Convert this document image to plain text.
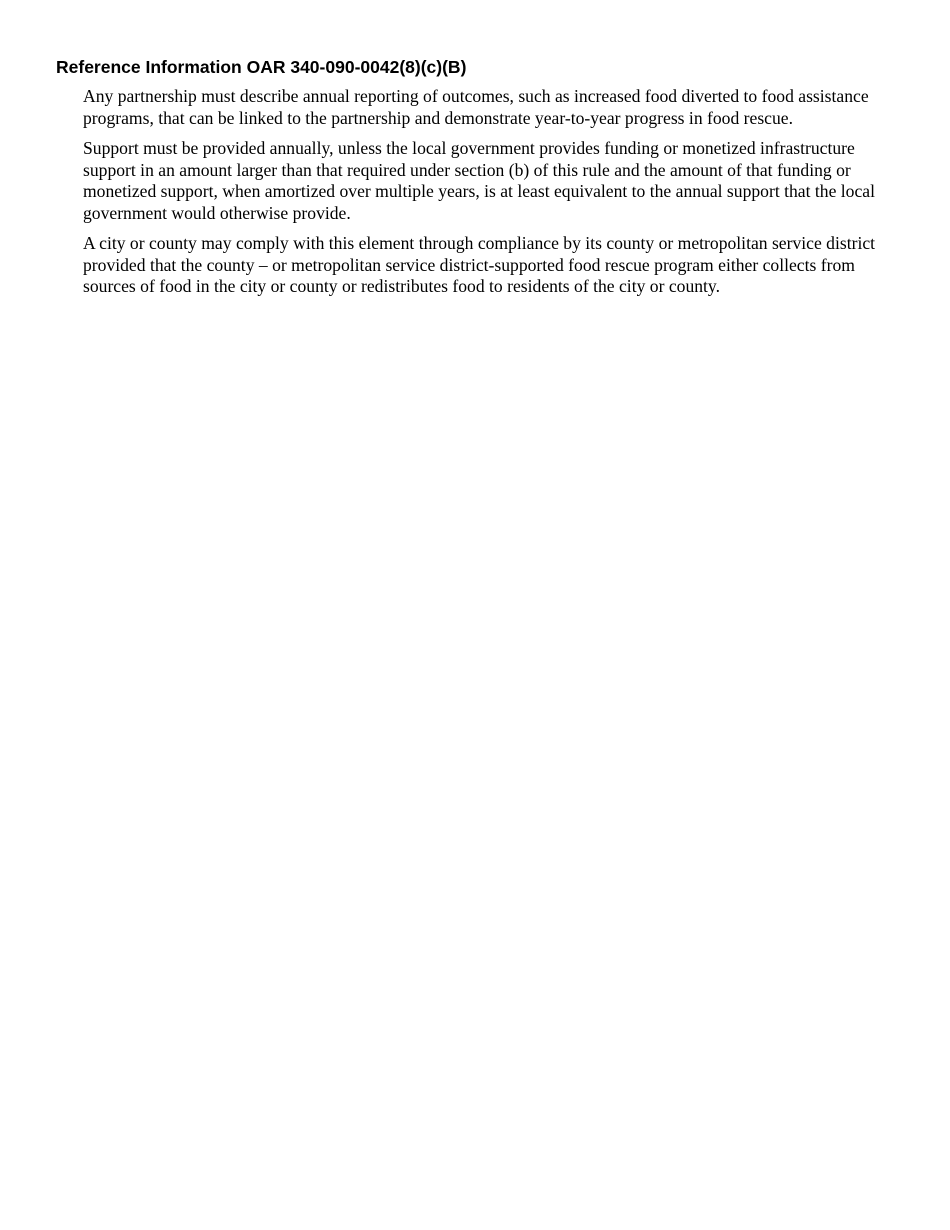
Reference Information OAR 340-090-0042(8)(c)(B)

Any partnership must describe annual reporting of outcomes, such as increased food diverted to food assistance programs, that can be linked to the partnership and demonstrate year-to-year progress in food rescue.

Support must be provided annually, unless the local government provides funding or monetized infrastructure support in an amount larger than that required under section (b) of this rule and the amount of that funding or monetized support, when amortized over multiple years, is at least equivalent to the annual support that the local government would otherwise provide.

A city or county may comply with this element through compliance by its county or metropolitan service district provided that the county – or metropolitan service district-supported food rescue program either collects from sources of food in the city or county or redistributes food to residents of the city or county.
